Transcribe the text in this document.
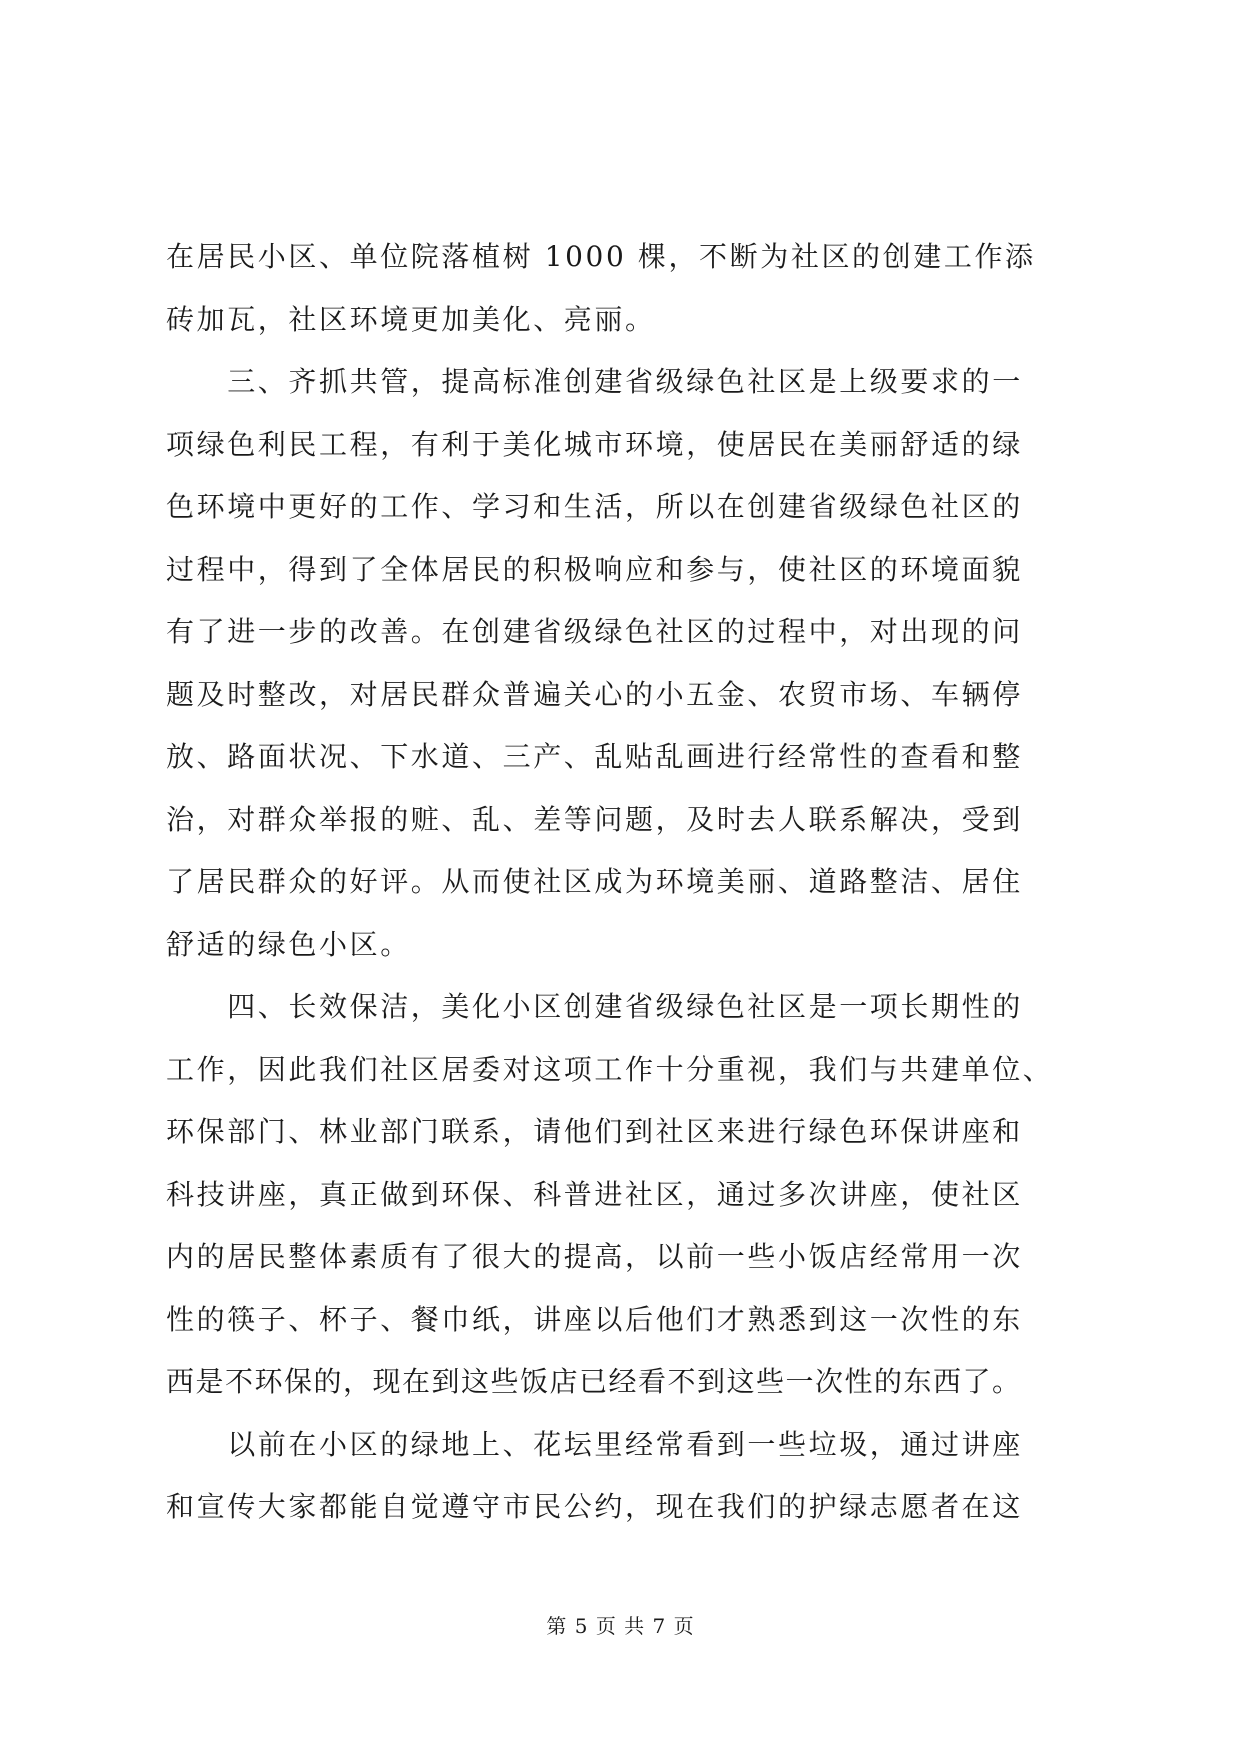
在居民小区、单位院落植树 1000 棵，不断为社区的创建工作添
砖加瓦，社区环境更加美化、亮丽。
　　三、齐抓共管，提高标准创建省级绿色社区是上级要求的一
项绿色利民工程，有利于美化城市环境，使居民在美丽舒适的绿
色环境中更好的工作、学习和生活，所以在创建省级绿色社区的
过程中，得到了全体居民的积极响应和参与，使社区的环境面貌
有了进一步的改善。在创建省级绿色社区的过程中，对出现的问
题及时整改，对居民群众普遍关心的小五金、农贸市场、车辆停
放、路面状况、下水道、三产、乱贴乱画进行经常性的查看和整
治，对群众举报的赃、乱、差等问题，及时去人联系解决，受到
了居民群众的好评。从而使社区成为环境美丽、道路整洁、居住
舒适的绿色小区。
　　四、长效保洁，美化小区创建省级绿色社区是一项长期性的
工作，因此我们社区居委对这项工作十分重视，我们与共建单位、
环保部门、林业部门联系，请他们到社区来进行绿色环保讲座和
科技讲座，真正做到环保、科普进社区，通过多次讲座，使社区
内的居民整体素质有了很大的提高，以前一些小饭店经常用一次
性的筷子、杯子、餐巾纸，讲座以后他们才熟悉到这一次性的东
西是不环保的，现在到这些饭店已经看不到这些一次性的东西了。
　　以前在小区的绿地上、花坛里经常看到一些垃圾，通过讲座
和宣传大家都能自觉遵守市民公约，现在我们的护绿志愿者在这
第 5 页 共 7 页
